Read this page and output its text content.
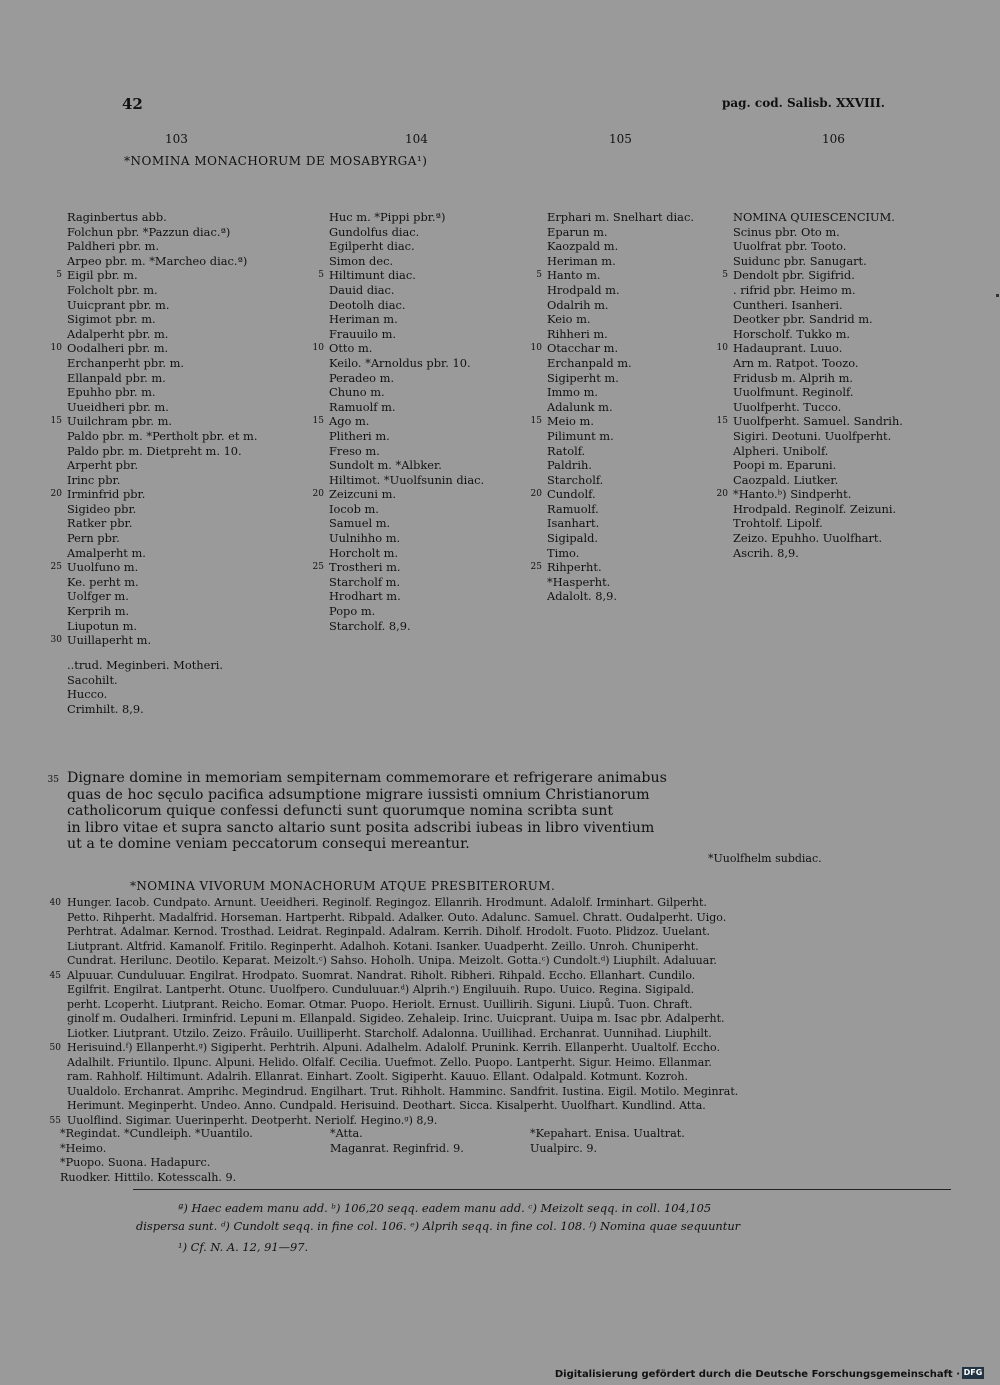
42	pag. cod. Salisb. XXVIII.
103	104	105	106
*NOMINA MONACHORUM DE MOSABYRGA¹)
Raginbertus abb.
Folchun pbr. *Pazzun diac.ª)
Paldheri pbr. m.
Arpeo pbr. m. *Marcheo diac.ª)
5 Eigil pbr. m.
Folcholt pbr. m.
Uuicprant pbr. m.
Sigimot pbr. m.
Adalperht pbr. m.
10 Oodalheri pbr. m.
Erchanperht pbr. m.
Ellanpald pbr. m.
Epuhho pbr. m.
Uueidheri pbr. m.
15 Uuilchram pbr. m.
Paldo pbr. m. *Pertholt pbr. et m.
Paldo pbr. m. Dietpreht m. 10.
Arperht pbr.
Irinc pbr.
20 Irminfrid pbr.
Sigideo pbr.
Ratker pbr.
Pern pbr.
Amalperht m.
25 Uuolfuno m.
Ke. perht m.
Uolfger m.
Kerprih m.
Liupotun m.
30 Uuillaperht m.
Huc m. *Pippi pbr.ª)
Gundolfus diac.
Egilperht diac.
Simon dec.
5 Hiltimunt diac.
Dauid diac.
Deotolh diac.
Heriman m.
Frauuilo m.
10 Otto m.
Keilo. *Arnoldus pbr. 10.
Peradeo m.
Chuno m.
Ramuolf m.
15 Ago m.
Plitheri m.
Freso m.
Sundolt m. *Albker.
Hiltimot. *Uuolfsunin diac.
20 Zeizcuni m.
Iocob m.
Samuel m.
Uulnihho m.
Horcholt m.
25 Trostheri m.
Starcholf m.
Hrodhart m.
Popo m.
Starcholf. 8,9.
Erphari m. Snelhart diac.
Eparun m.
Kaozpald m.
Heriman m.
5 Hanto m.
Hrodpald m.
Odalrih m.
Keio m.
Rihheri m.
10 Otacchar m.
Erchanpald m.
Sigiperht m.
Immo m.
Adalunk m.
15 Meio m.
Pilimunt m.
Ratolf.
Paldrih.
Starcholf.
20 Cundolf.
Ramuolf.
Isanhart.
Sigipald.
Timo.
25 Rihperht.
*Hasperht.
Adalolt. 8,9.
NOMINA QUIESCENCIUM.
Scinus pbr. Oto m.
Uuolfrat pbr. Tooto.
Suidunc pbr. Sanugart.
5 Dendolt pbr. Sigifrid.
. rifrid pbr. Heimo m.
Cuntheri. Isanheri.
Deotker pbr. Sandrid m.
Horscholf. Tukko m.
10 Hadauprant. Luuo.
Arn m. Ratpot. Toozo.
Fridusb m. Alprih m.
Uuolfmunt. Reginolf.
Uuolfperht. Tucco.
15 Uuolfperht. Samuel. Sandrih.
Sigiri. Deotuni. Uuolfperht.
Alpheri. Unibolf.
Poopi m. Eparuni.
Caozpald. Liutker.
20 *Hanto.ᵇ) Sindperht.
Hrodpald. Reginolf. Zeizuni.
Trohtolf. Lipolf.
Zeizo. Epuhho. Uuolfhart.
Ascrih. 8,9.
..trud. Meginberi. Motheri.
Sacohilt.
Hucco.
Crimhilt. 8,9.
35 Dignare domine in memoriam sempiternam commemorare et refrigerare animabus
quas de hoc sęculo pacifica adsumptione migrare iussisti omnium Christianorum
catholicorum quique confessi defuncti sunt quorumque nomina scribta sunt
in libro vitae et supra sancto altario sunt posita adscribi iubeas in libro viventium
ut a te domine veniam peccatorum consequi mereantur.
*Uuolfhelm subdiac.
*NOMINA VIVORUM MONACHORUM ATQUE PRESBITERORUM.
40 Hunger. Iacob. Cundpato. Arnunt. Ueeidheri. Reginolf. Regingoz. Ellanrih. Hrodmunt. Adalolf. Irminhart. Gilperht.
Petto. Rihperht. Madalfrid. Horseman. Hartperht. Ribpald. Adalker. Outo. Adalunc. Samuel. Chratt. Oudalperht. Uigo.
Perhtrat. Adalmar. Kernod. Trosthad. Leidrat. Reginpald. Adalram. Kerrih. Diholf. Hrodolt. Fuoto. Plidzoz. Uuelant.
Liutprant. Altfrid. Kamanolf. Fritilo. Reginperht. Adalhoh. Kotani. Isanker. Uuadperht. Zeillo. Unroh. Chuniperht.
Cundrat. Herilunc. Deotilo. Keparat. Meizolt.ᶜ) Sahso. Hoholh. Unipa. Meizolt. Gotta.ᶜ) Cundolt.ᵈ) Liuphilt. Adaluuar.
45 Alpuuar. Cunduluuar. Engilrat. Hrodpato. Suomrat. Nandrat. Riholt. Ribheri. Rihpald. Eccho. Ellanhart. Cundilo.
Egilfrit. Engilrat. Lantperht. Otunc. Uuolfpero. Cunduluuar.ᵈ) Alprih.ᵉ) Engiluuih. Rupo. Uuico. Regina. Sigipald.
perht. Lcoperht. Liutprant. Reicho. Eomar. Otmar. Puopo. Heriolt. Ernust. Uuillirih. Siguni. Liupů. Tuon. Chraft.
ginolf m. Oudalheri. Irminfrid. Lepuni m. Ellanpald. Sigideo. Zehaleip. Irinc. Uuicprant. Uuipa m. Isac pbr. Adalperht.
Liotker. Liutprant. Utzilo. Zeizo. Frâuilo. Uuilliperht. Starcholf. Adalonna. Uuillihad. Erchanrat. Uunnihad. Liuphilt.
50 Herisuind.ᶠ) Ellanperht.ᵍ) Sigiperht. Perhtrih. Alpuni. Adalhelm. Adalolf. Prunink. Kerrih. Ellanperht. Uualtolf. Eccho.
Adalhilt. Friuntilo. Ilpunc. Alpuni. Helido. Olfalf. Cecilia. Uuefmot. Zello. Puopo. Lantperht. Sigur. Heimo. Ellanmar.
ram. Rahholf. Hiltimunt. Adalrih. Ellanrat. Einhart. Zoolt. Sigiperht. Kauuo. Ellant. Odalpald. Kotmunt. Kozroh.
Uualdolo. Erchanrat. Amprihc. Megindrud. Engilhart. Trut. Rihholt. Hamminc. Sandfrit. Iustina. Eigil. Motilo. Meginrat.
Herimunt. Meginperht. Undeo. Anno. Cundpald. Herisuind. Deothart. Sicca. Kisalperht. Uuolfhart. Kundlind. Atta.
55 Uuolflind. Sigimar. Uuerinperht. Deotperht. Neriolf. Hegino.ᵍ) 8,9.
*Regindat. *Cundleiph. *Uuantilo.
*Heimo.
*Puopo. Suona. Hadapurc.
Ruodker. Hittilo. Kotesscalh. 9.
*Atta.
Maganrat. Reginfrid. 9.
*Kepahart. Enisa. Uualtrat.
Uualpirc. 9.
ª) Haec eadem manu add. ᵇ) 106,20 seqq. eadem manu add. ᶜ) Meizolt seqq. in coll. 104,105
dispersa sunt. ᵈ) Cundolt seqq. in fine col. 106. ᵉ) Alprih seqq. in fine col. 108. ᶠ) Nomina quae sequuntur
¹) Cf. N. A. 12, 91—97.
Digitalisierung gefördert durch die Deutsche Forschungsgemeinschaft · DFG
